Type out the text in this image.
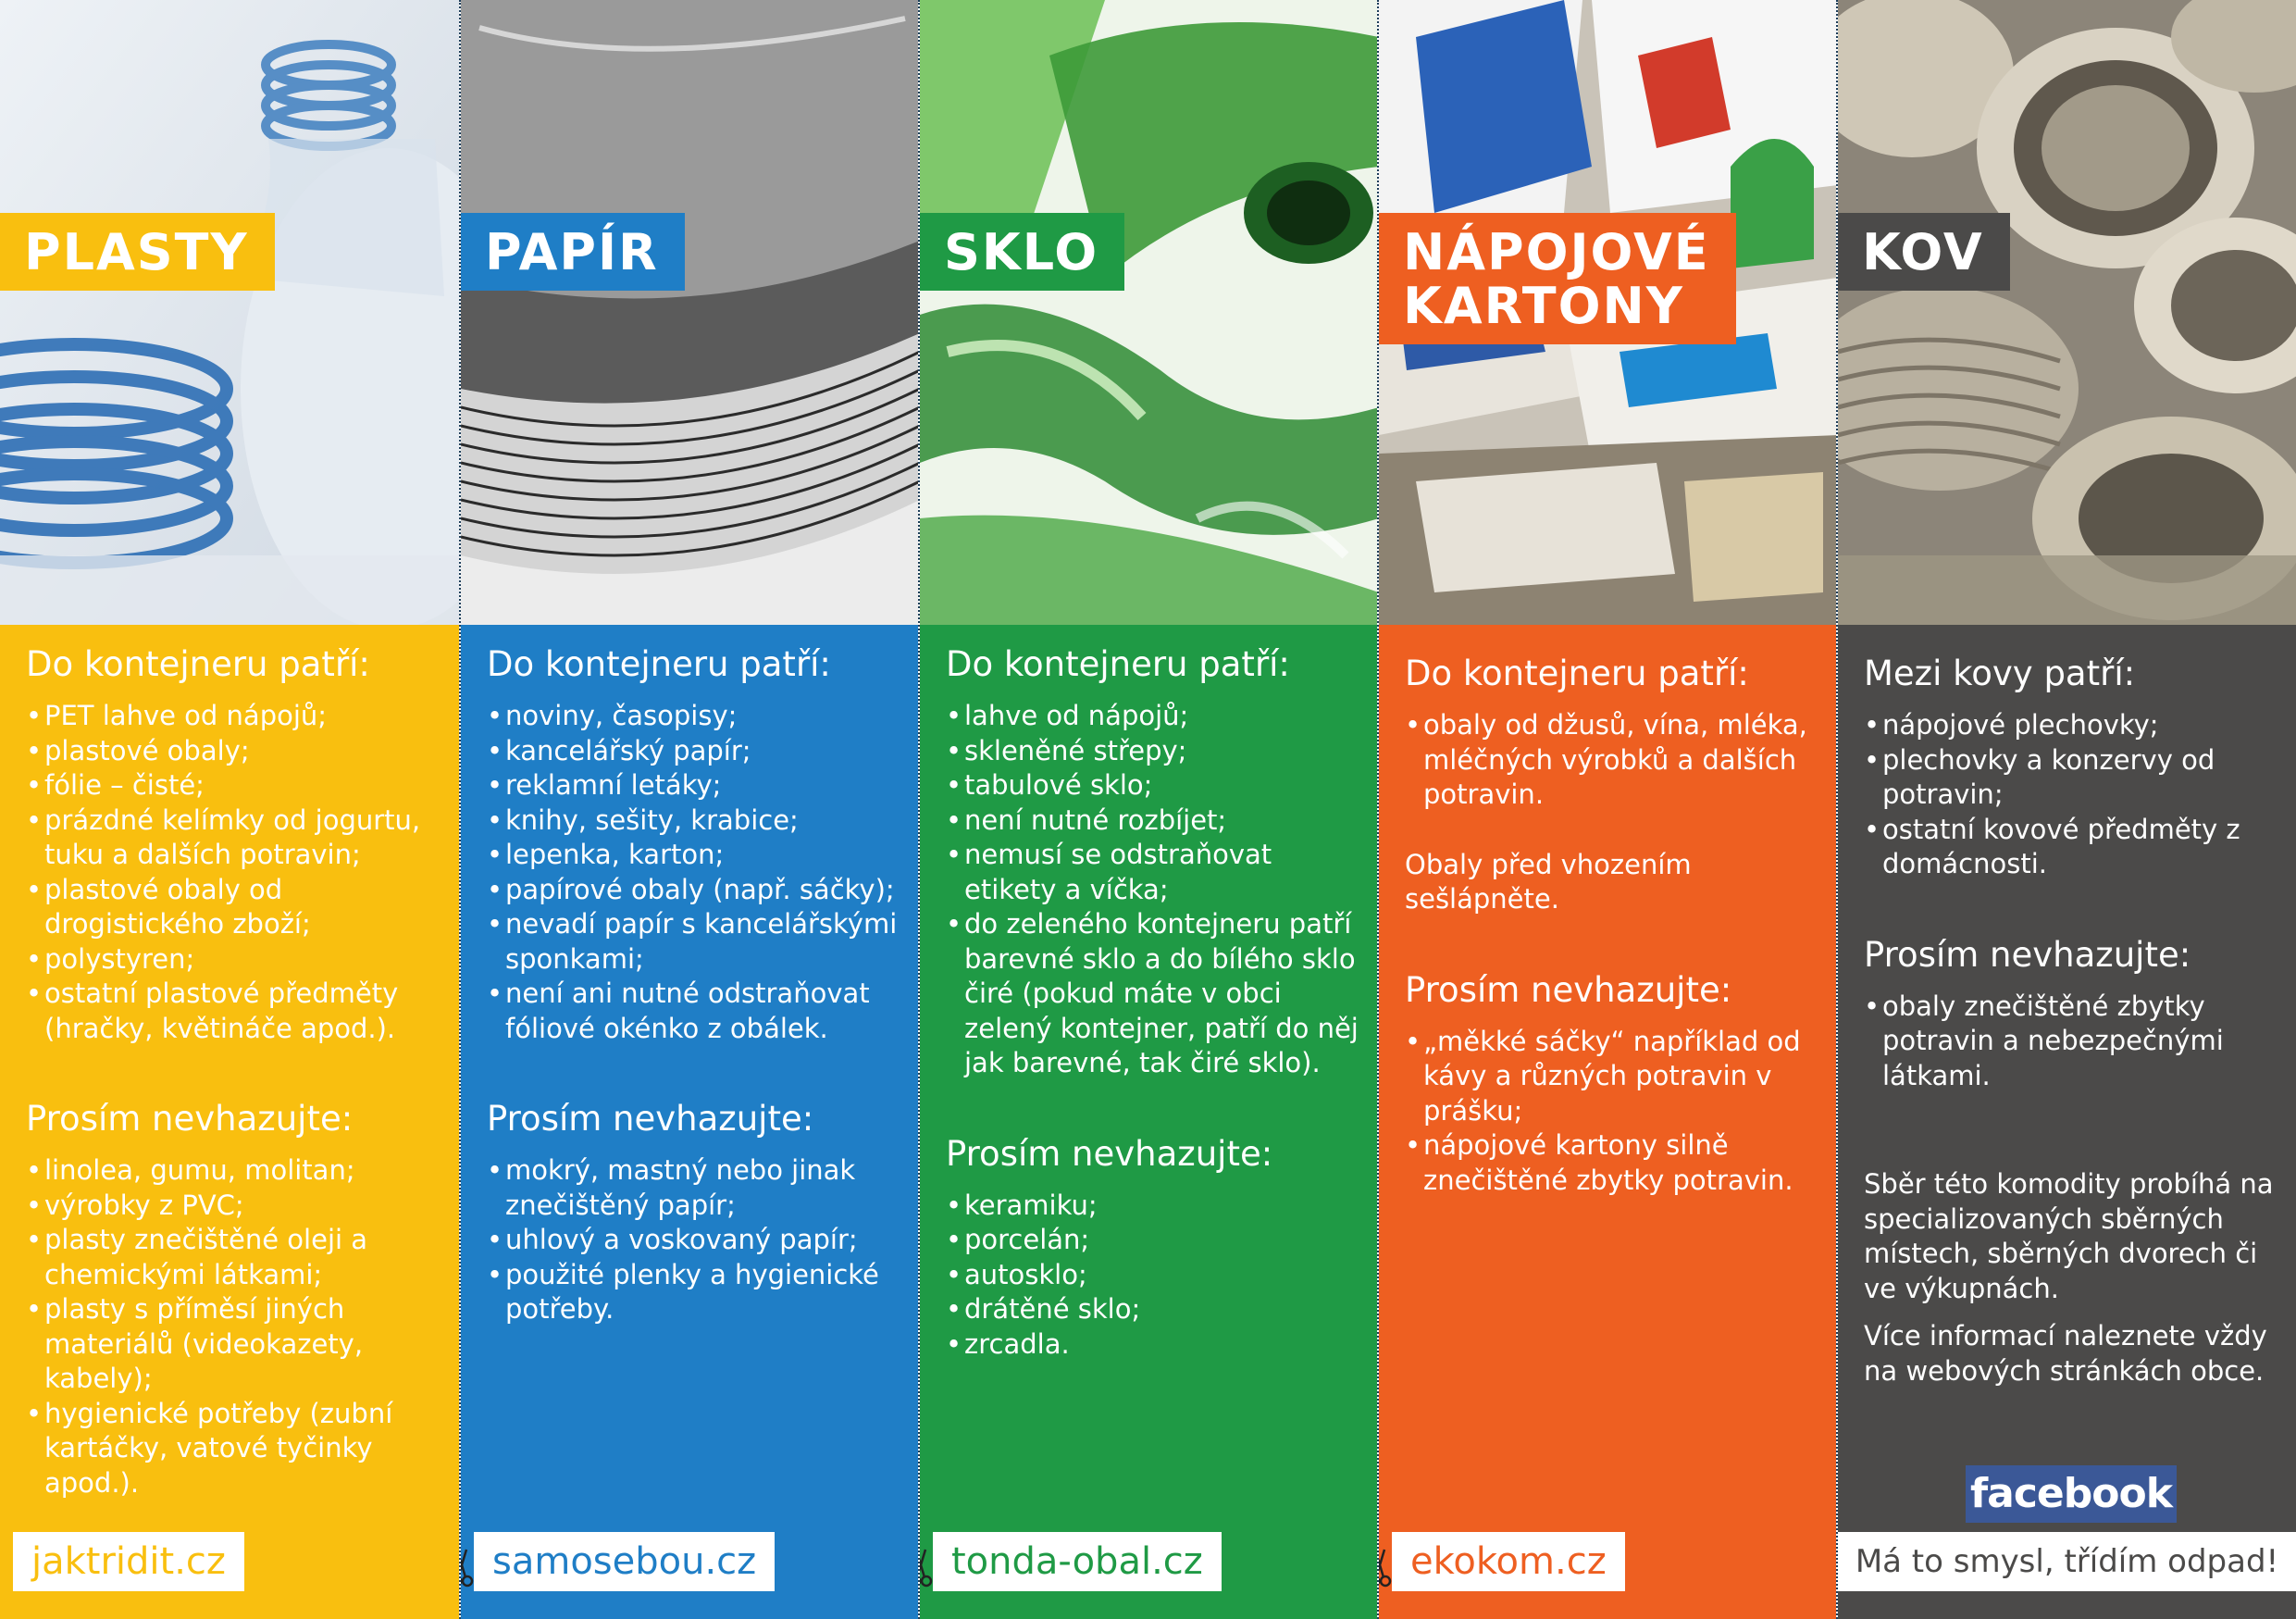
PLASTY
Do kontejneru patří:
• PET lahve od nápojů;
• plastové obaly;
• fólie – čisté;
• prázdné kelímky od jogurtu, tuku a dalších potravin;
• plastové obaly od drogistického zboží;
• polystyren;
• ostatní plastové předměty (hračky, květináče apod.).
Prosím nevhazujte:
• linolea, gumu, molitan;
• výrobky z PVC;
• plasty znečištěné oleji a chemickými látkami;
• plasty s příměsí jiných materiálů (videokazety, kabely);
• hygienické potřeby (zubní kartáčky, vatové tyčinky apod.).
jaktridit.cz
PAPÍR
Do kontejneru patří:
• noviny, časopisy;
• kancelářský papír;
• reklamní letáky;
• knihy, sešity, krabice;
• lepenka, karton;
• papírové obaly (např. sáčky);
• nevadí papír s kancelářskými sponkami;
• není ani nutné odstraňovat fóliové okénko z obálek.
Prosím nevhazujte:
• mokrý, mastný nebo jinak znečištěný papír;
• uhlový a voskovaný papír;
• použité plenky a hygienické potřeby.
samosebou.cz
SKLO
Do kontejneru patří:
• lahve od nápojů;
• skleněné střepy;
• tabulové sklo;
• není nutné rozbíjet;
• nemusí se odstraňovat etikety a víčka;
• do zeleného kontejneru patří barevné sklo a do bílého sklo čiré (pokud máte v obci zelený kontejner, patří do něj jak barevné, tak čiré sklo).
Prosím nevhazujte:
• keramiku;
• porcelán;
• autosklo;
• drátěné sklo;
• zrcadla.
tonda-obal.cz
NÁPOJOVÉ
KARTONY
Do kontejneru patří:
• obaly od džusů, vína, mléka, mléčných výrobků a dalších potravin.

Obaly před vhozením sešlápněte.

Prosím nevhazujte:
• „měkké sáčky“ například od kávy a různých potravin v prášku;
• nápojové kartony silně znečištěné zbytky potravin.
ekokom.cz
KOV
Mezi kovy patří:
• nápojové plechovky;
• plechovky a konzervy od potravin;
• ostatní kovové předměty z domácnosti.
Prosím nevhazujte:
• obaly znečištěné zbytky potravin a nebezpečnými látkami.

Sběr této komodity probíhá na specializovaných sběrných místech, sběrných dvorech či ve výkupnách.

Více informací naleznete vždy na webových stránkách obce.

facebook
Má to smysl, třídím odpad!
